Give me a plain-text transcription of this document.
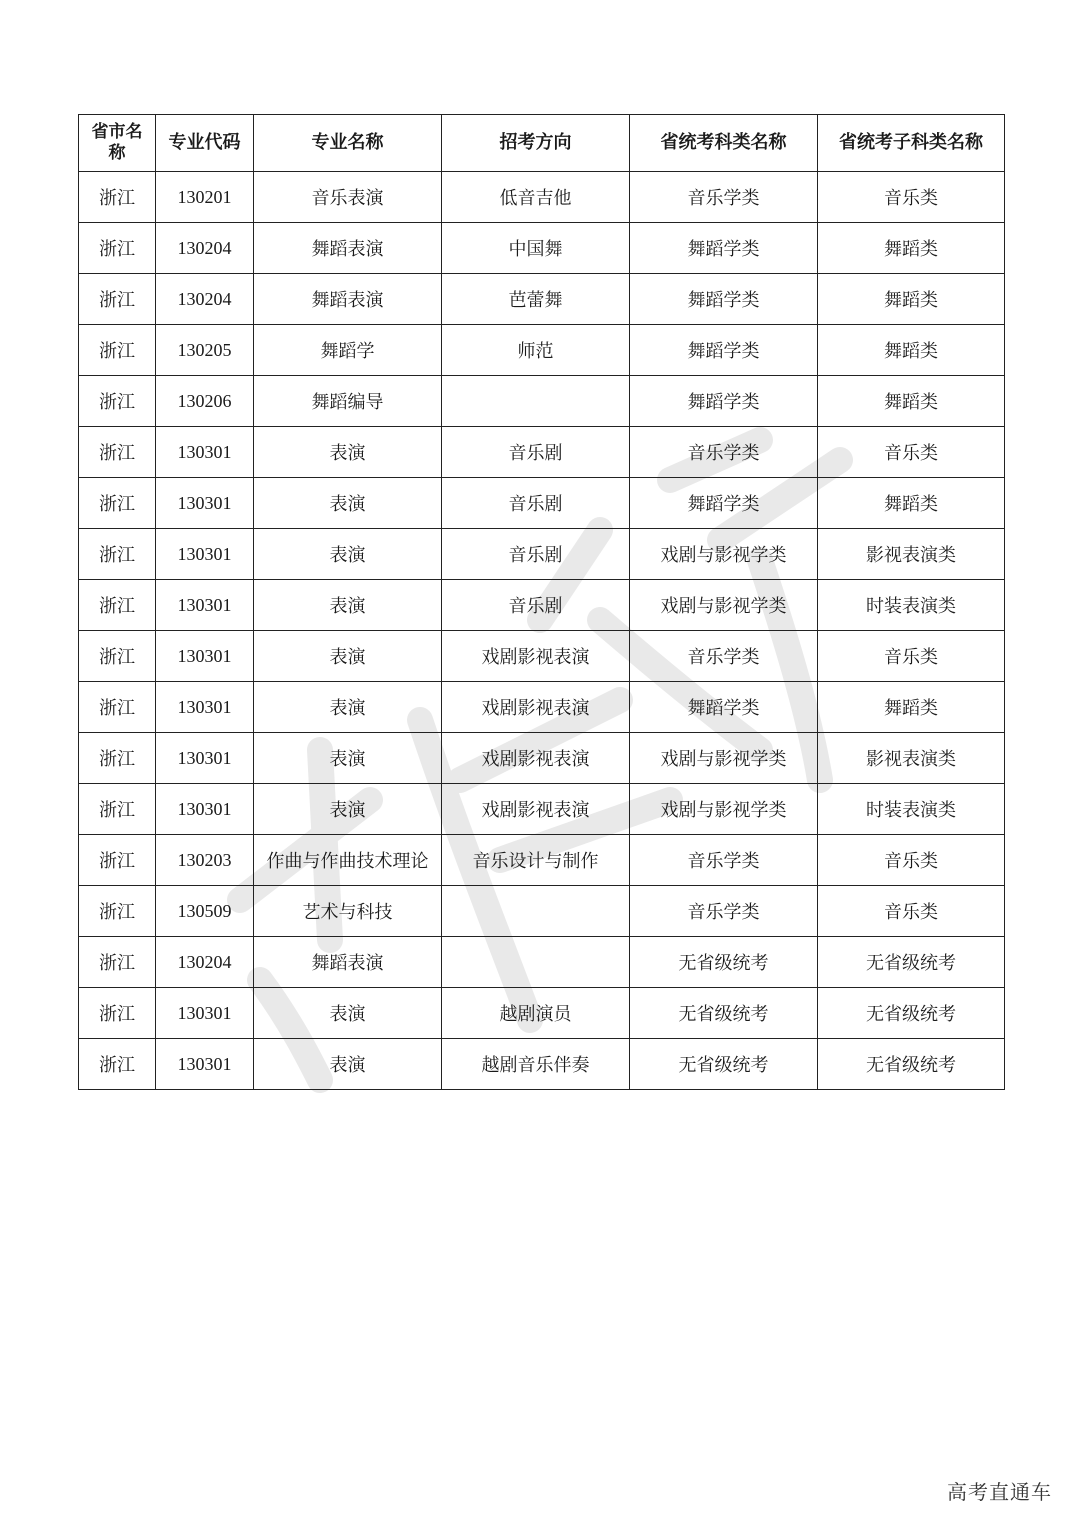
省市名称	专业代码	专业名称	招考方向	省统考科类名称	省统考子科类名称
浙江	130201	音乐表演	低音吉他	音乐学类	音乐类
浙江	130204	舞蹈表演	中国舞	舞蹈学类	舞蹈类
浙江	130204	舞蹈表演	芭蕾舞	舞蹈学类	舞蹈类
浙江	130205	舞蹈学	师范	舞蹈学类	舞蹈类
浙江	130206	舞蹈编导		舞蹈学类	舞蹈类
浙江	130301	表演	音乐剧	音乐学类	音乐类
浙江	130301	表演	音乐剧	舞蹈学类	舞蹈类
浙江	130301	表演	音乐剧	戏剧与影视学类	影视表演类
浙江	130301	表演	音乐剧	戏剧与影视学类	时装表演类
浙江	130301	表演	戏剧影视表演	音乐学类	音乐类
浙江	130301	表演	戏剧影视表演	舞蹈学类	舞蹈类
浙江	130301	表演	戏剧影视表演	戏剧与影视学类	影视表演类
浙江	130301	表演	戏剧影视表演	戏剧与影视学类	时装表演类
浙江	130203	作曲与作曲技术理论	音乐设计与制作	音乐学类	音乐类
浙江	130509	艺术与科技		音乐学类	音乐类
浙江	130204	舞蹈表演		无省级统考	无省级统考
浙江	130301	表演	越剧演员	无省级统考	无省级统考
浙江	130301	表演	越剧音乐伴奏	无省级统考	无省级统考
高考直通车
